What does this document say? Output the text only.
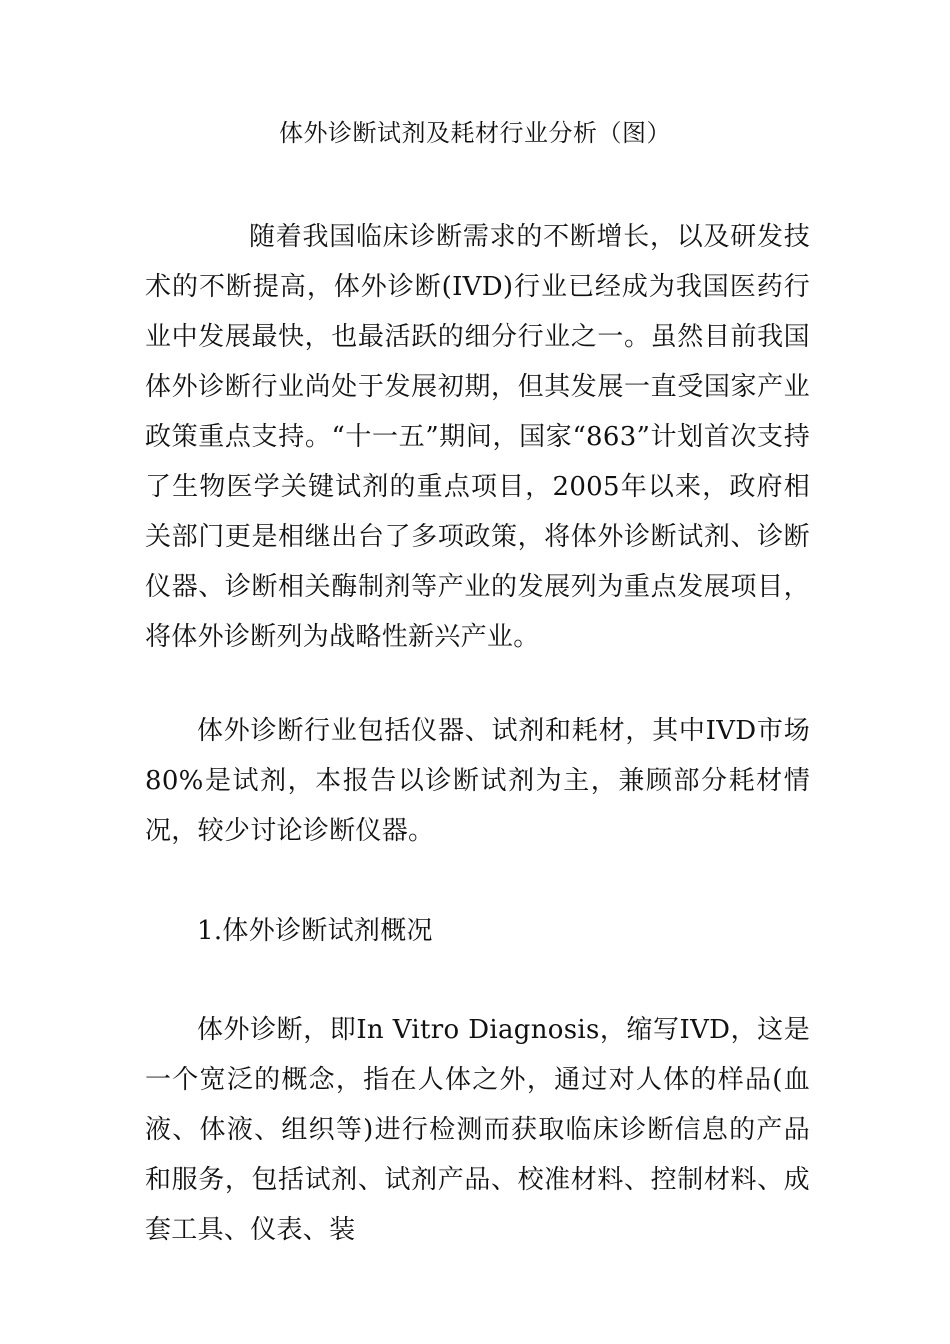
体外诊断试剂及耗材行业分析（图）
随着我国临床诊断需求的不断增长，以及研发技术的不断提高，体外诊断(IVD)行业已经成为我国医药行业中发展最快，也最活跃的细分行业之一。虽然目前我国体外诊断行业尚处于发展初期，但其发展一直受国家产业政策重点支持。“十一五”期间，国家“863”计划首次支持了生物医学关键试剂的重点项目，2005年以来，政府相关部门更是相继出台了多项政策，将体外诊断试剂、诊断仪器、诊断相关酶制剂等产业的发展列为重点发展项目，将体外诊断列为战略性新兴产业。
体外诊断行业包括仪器、试剂和耗材，其中IVD市场80%是试剂，本报告以诊断试剂为主，兼顾部分耗材情况，较少讨论诊断仪器。
1.体外诊断试剂概况
体外诊断，即In Vitro Diagnosis，缩写IVD，这是一个宽泛的概念，指在人体之外，通过对人体的样品(血液、体液、组织等)进行检测而获取临床诊断信息的产品和服务，包括试剂、试剂产品、校准材料、控制材料、成套工具、仪表、装
